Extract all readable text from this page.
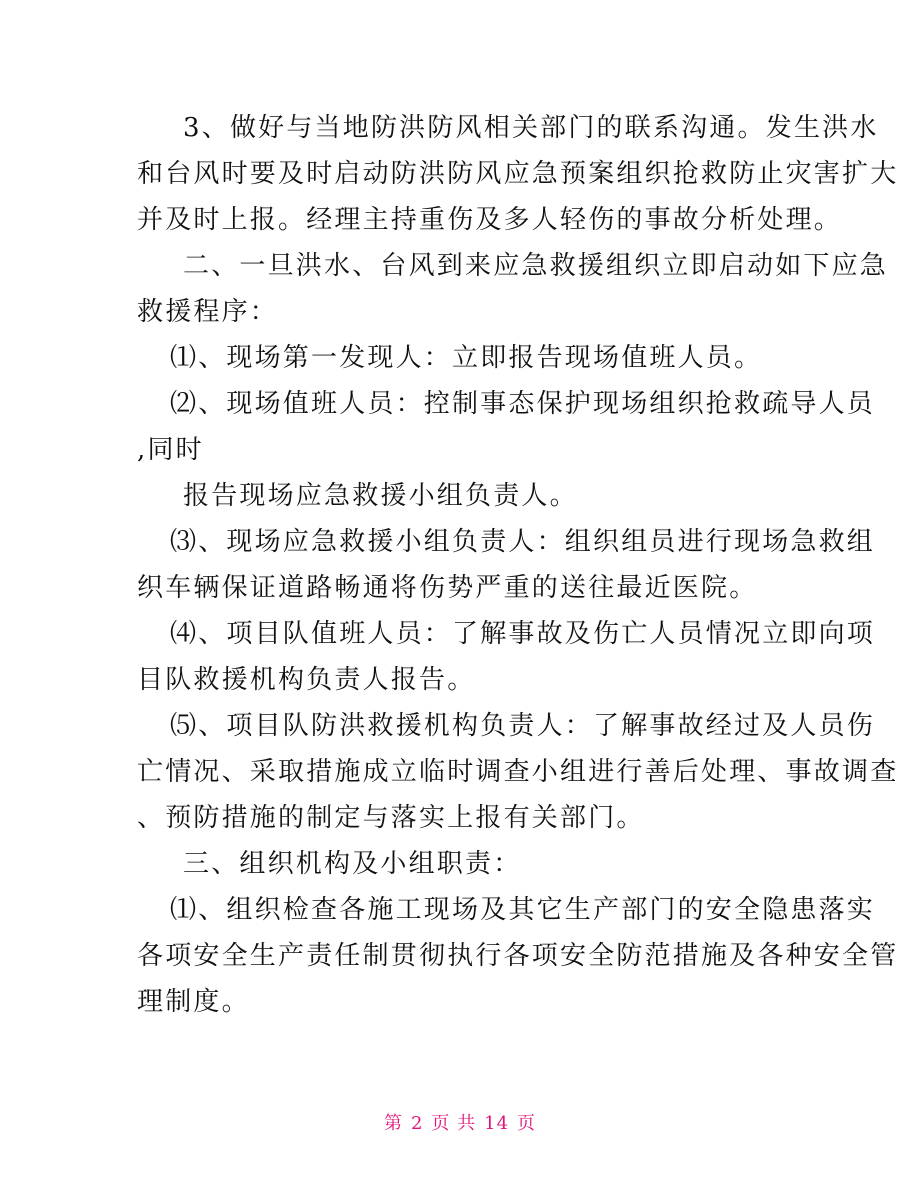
3、做好与当地防洪防风相关部门的联系沟通。发生洪水
和台风时要及时启动防洪防风应急预案组织抢救防止灾害扩大
并及时上报。经理主持重伤及多人轻伤的事故分析处理。
二、一旦洪水、台风到来应急救援组织立即启动如下应急
救援程序：
⑴、现场第一发现人：立即报告现场值班人员。
⑵、现场值班人员：控制事态保护现场组织抢救疏导人员
,同时
报告现场应急救援小组负责人。
⑶、现场应急救援小组负责人：组织组员进行现场急救组
织车辆保证道路畅通将伤势严重的送往最近医院。
⑷、项目队值班人员：了解事故及伤亡人员情况立即向项
目队救援机构负责人报告。
⑸、项目队防洪救援机构负责人：了解事故经过及人员伤
亡情况、采取措施成立临时调查小组进行善后处理、事故调查
、预防措施的制定与落实上报有关部门。
三、组织机构及小组职责：
⑴、组织检查各施工现场及其它生产部门的安全隐患落实
各项安全生产责任制贯彻执行各项安全防范措施及各种安全管
理制度。
第 2 页 共 14 页
